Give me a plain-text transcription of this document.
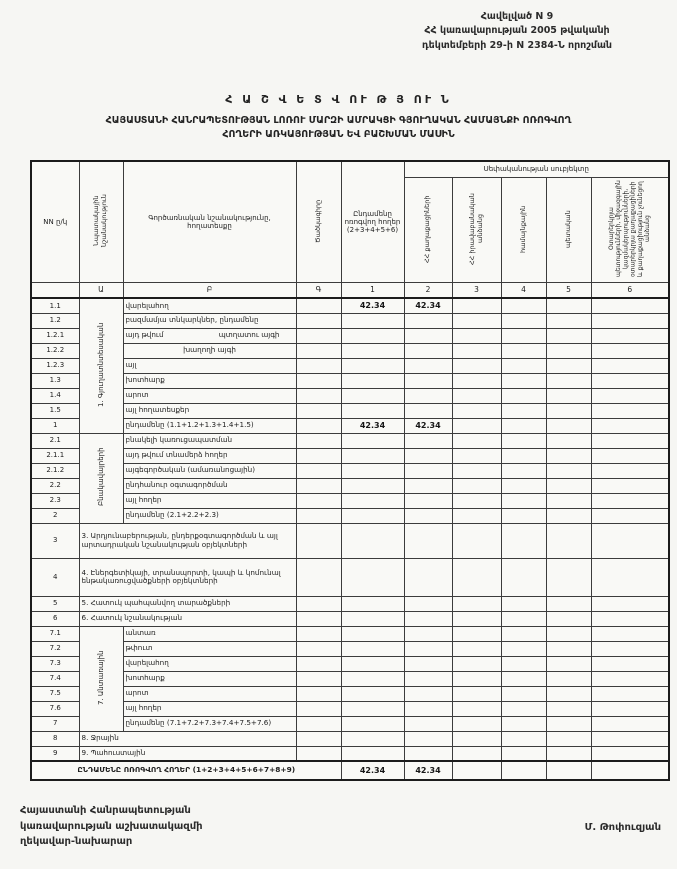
Հավելված N 9
ՀՀ կառավարության 2005 թվականի
դեկտեմբերի 29-ի N 2384-Ն որոշման
Հ Ա Շ Վ Ե Տ Վ ՈՒ Թ Յ ՈՒ Ն
ՀԱՅԱՍՏԱՆԻ ՀԱՆՐԱՊԵՏՈՒԹՅԱՆ ԼՈՌՈՒ ՄԱՐԶԻ ԱՄՐԱԿՑԻ ԳՅՈՒՂԱԿԱՆ ՀԱՄԱՅՆՔԻ ՈՌՈԳՎՈՂ
ՀՈՂԵՐԻ ԱՌԿԱՅՈՒԹՅԱՆ ԵՎ ԲԱՇԽՄԱՆ ՄԱՍԻՆ
NN ը/կ	Նպատակային նշանակություն	Գործառնական նշանակությունը, հողատեսքը	Ծածկագիրը	Ընդամենը ոռոգվող հողեր (2+3+4+5+6)	Սեփականության սուբյեկտը				
					ՀՀ քաղաքացիների	ՀՀ իրավաբանական անձանց	համայնքային	պետական	Օտարերկրյա պետությունների, միջազգային կազմակերպությունների, օտարերկրյա քաղաքացիների և քաղաքացիություն չունեցող անձանց
	Ա	Բ	Գ	1	2	3	4	5	6
1.1	1. Գյուղատնտեսական	վարելահող		42.34	42.34				
1.2		բազմամյա տնկարկներ, ընդամենը							
1.2.1		այդ թվում պտղատու այգի							

1.2.2		խաղողի այգի							
1.2.3		այլ							
1.3		խոտհարք							
1.4		արոտ							
1.5		այլ հողատեսքեր							
1		ընդամենը (1.1+1.2+1.3+1.4+1.5)		42.34	42.34				
2.1	Բնակավայրերի	բնակելի կառուցապատման							
2.1.1		այդ թվում տնամերձ հողեր							
2.1.2		այգեգործական (ամառանոցային)							
2.2		ընդհանուր օգտագործման							
2.3		այլ հողեր							
2		ընդամենը (2.1+2.2+2.3)							
3	3. Արդյունաբերության, ընդերքօգտագործման և այլ արտադրական նշանակության օբյեկտների								
4	4. Էներգետիկայի, տրանսպորտի, կապի և կոմունալ ենթակառուցվածքների օբյեկտների								
5	5. Հատուկ պահպանվող տարածքների								
6	6. Հատուկ նշանակության								
7.1	7. Անտառային	անտառ							
7.2		թփուտ							
7.3		վարելահող							
7.4		խոտհարք							
7.5		արոտ							
7.6		այլ հողեր							
7		ընդամենը (7.1+7.2+7.3+7.4+7.5+7.6)							
8	8. Ջրային								
9	9. Պահուստային								
ԸՆԴԱՄԵՆԸ ՈՌՈԳՎՈՂ ՀՈՂԵՐ (1+2+3+4+5+6+7+8+9)				42.34	42.34				
Հայաստանի Հանրապետության
կառավարության աշխատակազմի
ղեկավար-նախարար
Մ. Թոփուզյան
